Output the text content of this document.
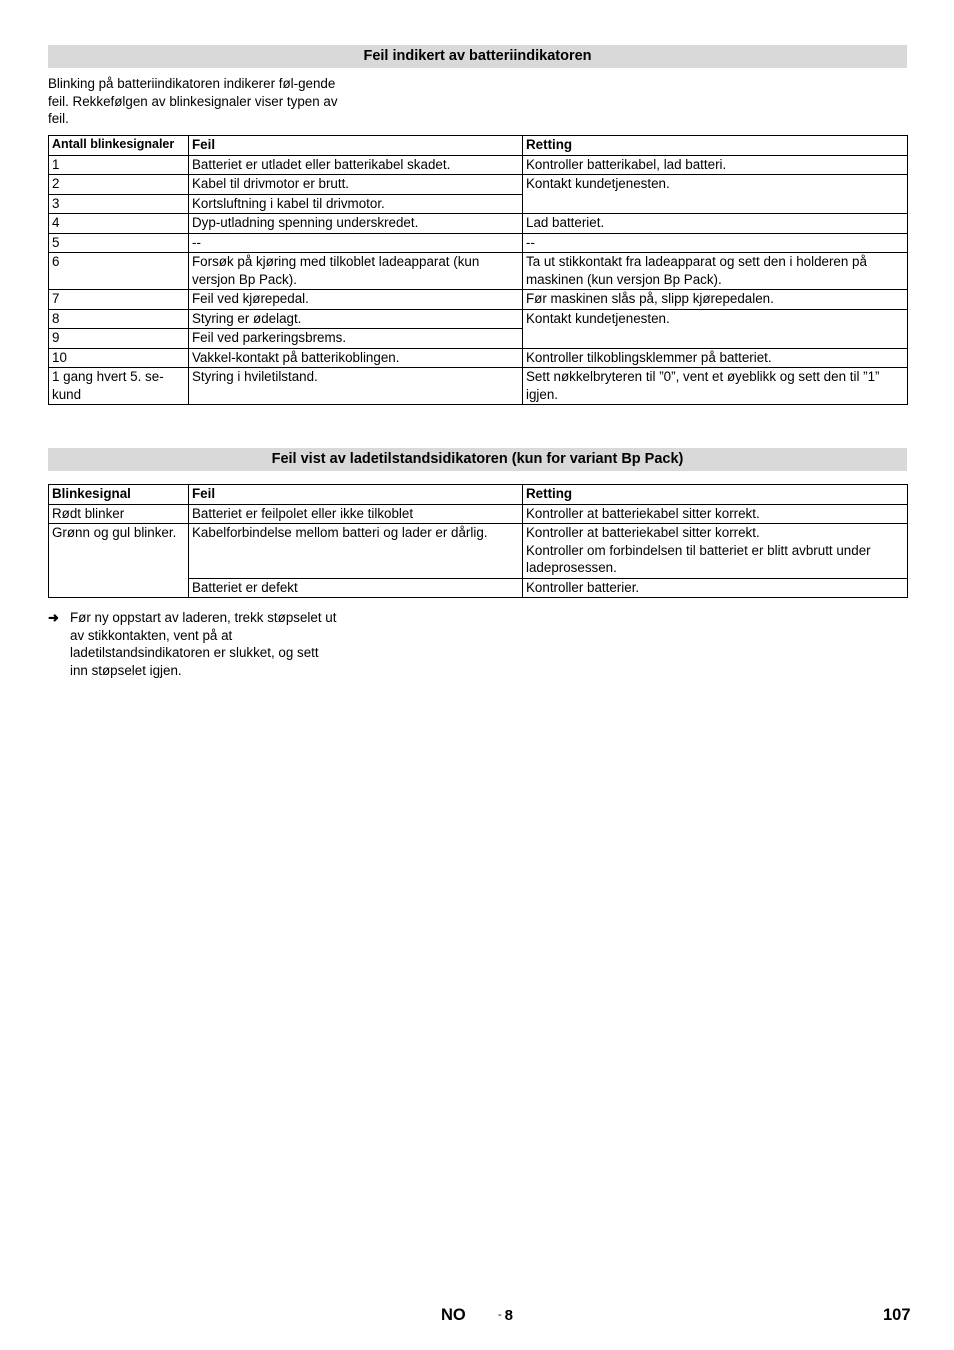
Feil indikert av batteriindikatoren
Blinking på batteriindikatoren indikerer føl-gende feil. Rekkefølgen av blinkesignaler viser typen av feil.
Antall blinkesignaler	Feil	Retting
1	Batteriet er utladet eller batterikabel skadet.	Kontroller batterikabel, lad batteri.
2	Kabel til drivmotor er brutt.	Kontakt kundetjenesten.
3	Kortsluftning i kabel til drivmotor.	
4	Dyp-utladning spenning underskredet.	Lad batteriet.
5	--	--
6	Forsøk på kjøring med tilkoblet ladeapparat (kun versjon Bp Pack).	Ta ut stikkontakt fra ladeapparat og sett den i holderen på maskinen (kun versjon Bp Pack).
7	Feil ved kjørepedal.	Før maskinen slås på, slipp kjørepedalen.
8	Styring er ødelagt.	Kontakt kundetjenesten.
9	Feil ved parkeringsbrems.	
10	Vakkel-kontakt på batterikoblingen.	Kontroller tilkoblingsklemmer på batteriet.
1 gang hvert 5. se-kund	Styring i hviletilstand.	Sett nøkkelbryteren til ”0”, vent et øyeblikk og sett den til ”1” igjen.
Feil vist av ladetilstandsidikatoren (kun for variant Bp Pack)
Blinkesignal	Feil	Retting
Rødt blinker	Batteriet er feilpolet eller ikke tilkoblet	Kontroller at batteriekabel sitter korrekt.
Grønn og gul blinker.	Kabelforbindelse mellom batteri og lader er dårlig.	Kontroller at batteriekabel sitter korrekt.
Kontroller om forbindelsen til batteriet er blitt avbrutt under ladeprosessen.

	Batteriet er defekt	Kontroller batterier.
➜ Før ny oppstart av laderen, trekk støpselet ut av stikkontakten, vent på at ladetilstandsindikatoren er slukket, og sett inn støpselet igjen.
NO	- 8	107
